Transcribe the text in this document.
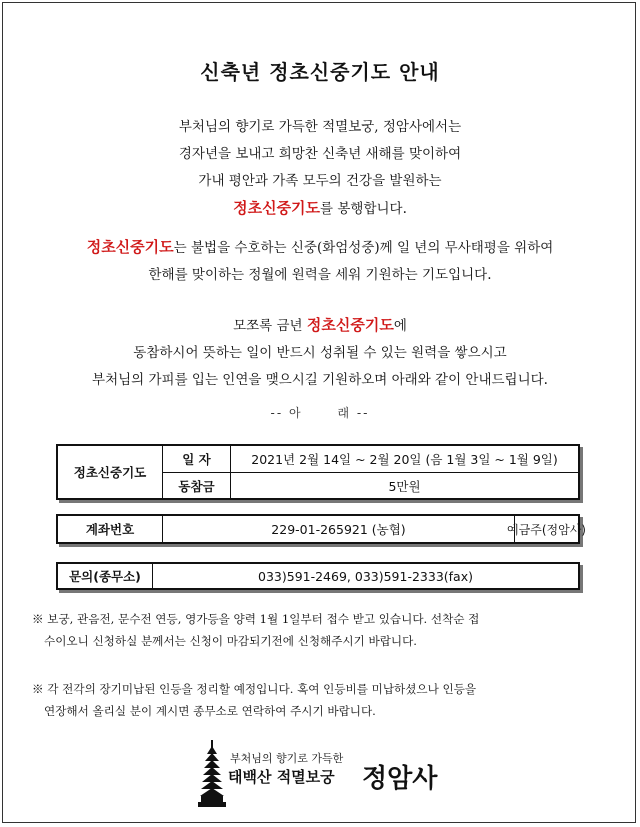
신축년 정초신중기도 안내
부처님의 향기로 가득한 적멸보궁, 정암사에서는
경자년을 보내고 희망찬 신축년 새해를 맞이하여
가내 평안과 가족 모두의 건강을 발원하는
정초신중기도를 봉행합니다.
정초신중기도는 불법을 수호하는 신중(화엄성중)께 일 년의 무사태평을 위하여
한해를 맞이하는 정월에 원력을 세워 기원하는 기도입니다.
모쪼록 금년 정초신중기도에
동참하시어 뜻하는 일이 반드시 성취될 수 있는 원력을 쌓으시고
부처님의 가피를 입는 인연을 맺으시길 기원하오며 아래와 같이 안내드립니다.
-- 아      래 --
정초신중기도
일 자	2021년 2월 14일 ~ 2월 20일 (음 1월 3일 ~ 1월 9일)
동참금	5만원
계좌번호	229-01-265921 (농협)	예금주(정암사)
문의(종무소)	033)591-2469, 033)591-2333(fax)
※ 보궁, 관음전, 문수전 연등, 영가등을 양력 1월 1일부터 접수 받고 있습니다. 선착순 접
수이오니 신청하실 분께서는 신청이 마감되기전에 신청해주시기 바랍니다.
※ 각 전각의 장기미납된 인등을 정리할 예정입니다. 혹여 인등비를 미납하셨으나 인등을
연장해서 올리실 분이 계시면 종무소로 연락하여 주시기 바랍니다.
부처님의 향기로 가득한
태백산 적멸보궁 정암사
